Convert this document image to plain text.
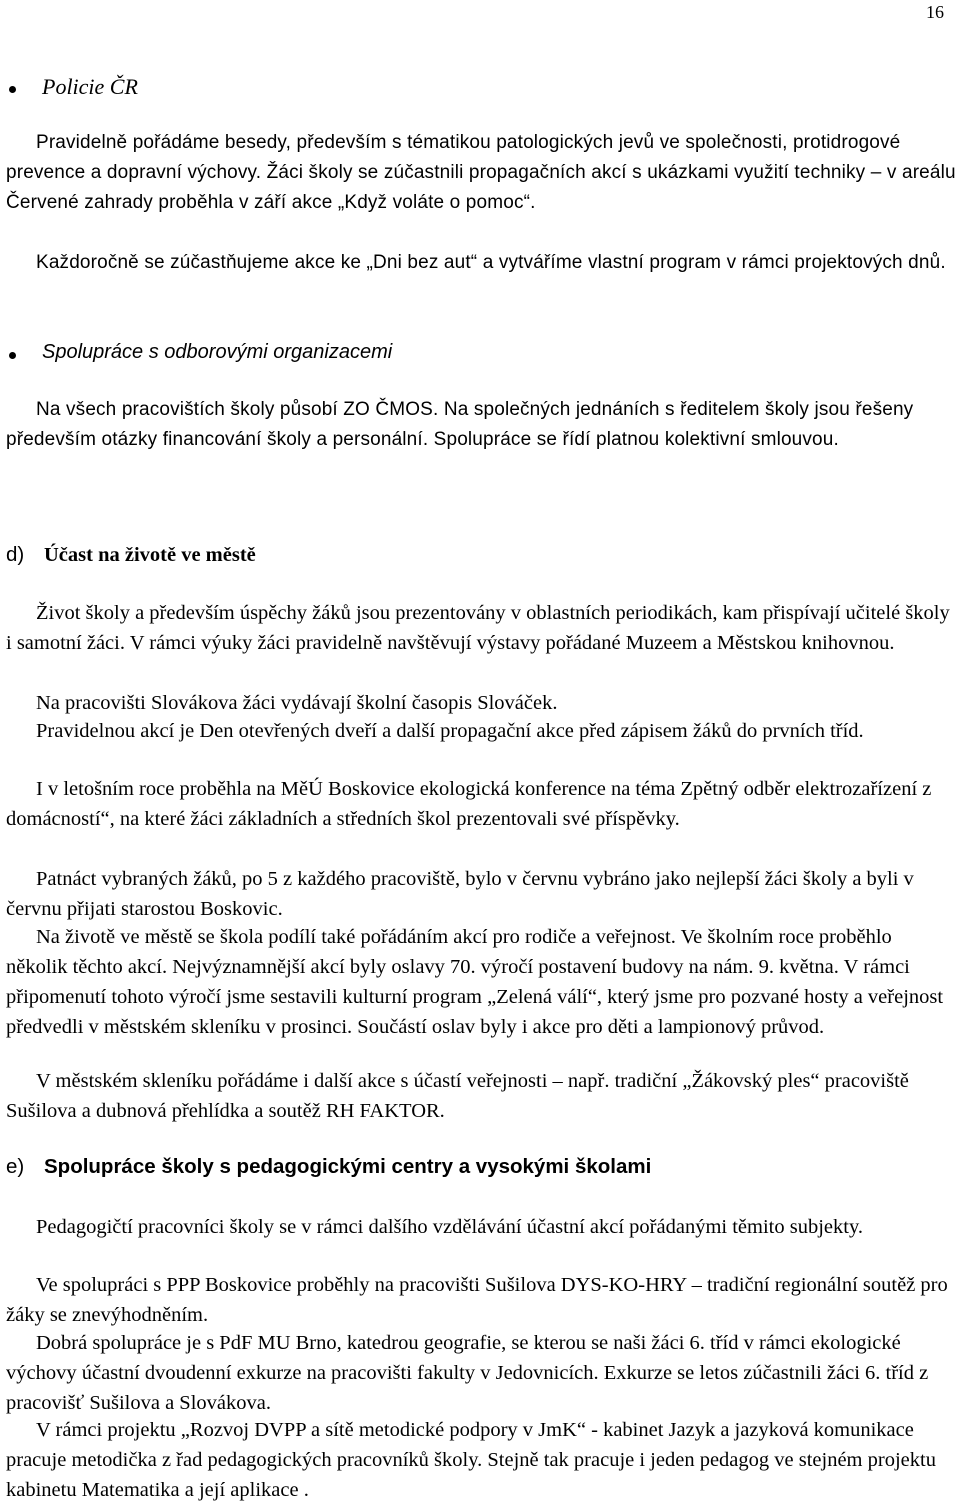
16
Policie ČR

Pravidelně pořádáme besedy, především s tématikou patologických jevů ve společnosti, protidrogové prevence a dopravní výchovy. Žáci školy se zúčastnili propagačních akcí s ukázkami využití techniky – v areálu Červené zahrady proběhla v září akce „Když voláte o pomoc“.

Každoročně se zúčastňujeme akce ke „Dni bez aut“ a vytváříme vlastní program v rámci projektových dnů.

Spolupráce s odborovými organizacemi

Na všech pracovištích školy působí ZO ČMOS. Na společných jednáních s ředitelem školy jsou řešeny především otázky financování školy a personální. Spolupráce se řídí platnou kolektivní smlouvou.

d) Účast na životě ve městě

Život školy a především úspěchy žáků jsou prezentovány v oblastních periodikách, kam přispívají učitelé školy i samotní žáci. V rámci výuky žáci pravidelně navštěvují výstavy pořádané Muzeem a Městskou knihovnou.

Na pracovišti Slovákova žáci vydávají školní časopis Slováček.

Pravidelnou akcí je Den otevřených dveří a další propagační akce před zápisem žáků do prvních tříd.

I v letošním roce proběhla na MěÚ Boskovice ekologická konference na téma Zpětný odběr elektrozařízení z domácností“, na které žáci základních a středních škol prezentovali své příspěvky.

Patnáct vybraných žáků, po 5 z každého pracoviště, bylo v červnu vybráno jako nejlepší žáci školy a byli v červnu přijati starostou Boskovic.

Na životě ve městě se škola podílí také pořádáním akcí pro rodiče a veřejnost. Ve školním roce proběhlo několik těchto akcí. Nejvýznamnější akcí byly oslavy 70. výročí postavení budovy na nám. 9. května. V rámci připomenutí tohoto výročí jsme sestavili kulturní program „Zelená válí“, který jsme pro pozvané hosty a veřejnost předvedli v městském skleníku v prosinci. Součástí oslav byly i akce pro děti a lampionový průvod.

V městském skleníku pořádáme i další akce s účastí veřejnosti – např. tradiční „Žákovský ples“ pracoviště Sušilova a dubnová přehlídka a soutěž RH FAKTOR.

e) Spolupráce školy s pedagogickými centry a vysokými školami

Pedagogičtí pracovníci školy se v rámci dalšího vzdělávání účastní akcí pořádanými těmito subjekty.

Ve spolupráci s PPP Boskovice proběhly na pracovišti Sušilova DYS-KO-HRY – tradiční regionální soutěž pro žáky se znevýhodněním.

Dobrá spolupráce je s PdF MU Brno, katedrou geografie, se kterou se naši žáci 6. tříd v rámci ekologické výchovy účastní dvoudenní exkurze na pracovišti fakulty v Jedovnicích. Exkurze se letos zúčastnili žáci 6. tříd z pracovišť Sušilova a Slovákova.

V rámci projektu „Rozvoj DVPP a sítě metodické podpory v JmK“ - kabinet Jazyk a jazyková komunikace pracuje metodička z řad pedagogických pracovníků školy. Stejně tak pracuje i jeden pedagog ve stejném projektu kabinetu Matematika a její aplikace .
